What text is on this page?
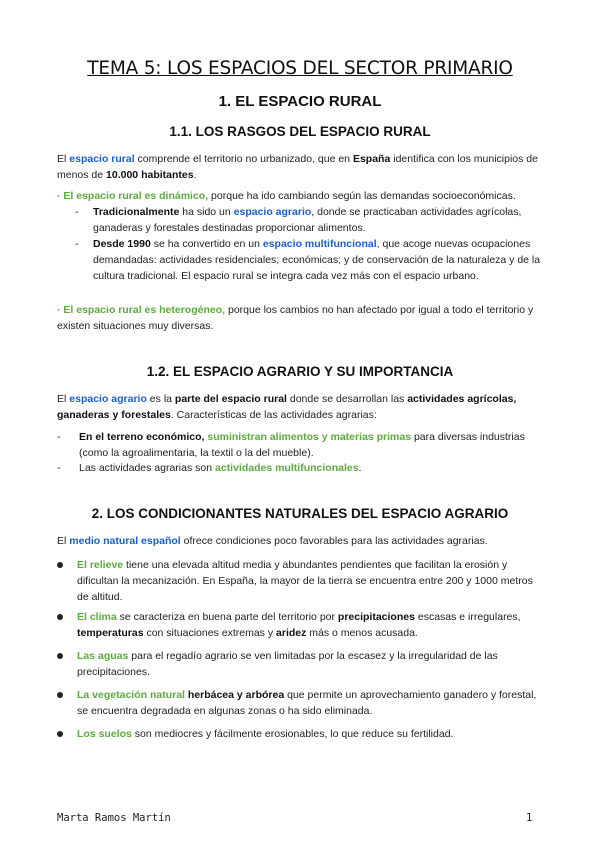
TEMA 5: LOS ESPACIOS DEL SECTOR PRIMARIO
1. EL ESPACIO RURAL
1.1. LOS RASGOS DEL ESPACIO RURAL
El espacio rural comprende el territorio no urbanizado, que en España identifica con los municipios de menos de 10.000 habitantes.
· El espacio rural es dinámico, porque ha ido cambiando según las demandas socioeconómicas.
- Tradicionalmente ha sido un espacio agrario, donde se practicaban actividades agrícolas, ganaderas y forestales destinadas proporcionar alimentos.
- Desde 1990 se ha convertido en un espacio multifuncional, que acoge nuevas ocupaciones demandadas: actividades residenciales; económicas; y de conservación de la naturaleza y de la cultura tradicional. El espacio rural se integra cada vez más con el espacio urbano.
· El espacio rural es heterogéneo, porque los cambios no han afectado por igual a todo el territorio y existen situaciones muy diversas.
1.2. EL ESPACIO AGRARIO Y SU IMPORTANCIA
El espacio agrario es la parte del espacio rural donde se desarrollan las actividades agrícolas, ganaderas y forestales. Características de las actividades agrarias:
- En el terreno económico, suministran alimentos y materias primas para diversas industrias (como la agroalimentaria, la textil o la del mueble).
- Las actividades agrarias son actividades multifuncionales.
2. LOS CONDICIONANTES NATURALES DEL ESPACIO AGRARIO
El medio natural español ofrece condiciones poco favorables para las actividades agrarias.
El relieve tiene una elevada altitud media y abundantes pendientes que facilitan la erosión y dificultan la mecanización. En España, la mayor de la tierra se encuentra entre 200 y 1000 metros de altitud.
El clima se caracteriza en buena parte del territorio por precipitaciones escasas e irregulares, temperaturas con situaciones extremas y aridez más o menos acusada.
Las aguas para el regadío agrario se ven limitadas por la escasez y la irregularidad de las precipitaciones.
La vegetación natural herbácea y arbórea que permite un aprovechamiento ganadero y forestal, se encuentra degradada en algunas zonas o ha sido eliminada.
Los suelos son mediocres y fácilmente erosionables, lo que reduce su fertilidad.
Marta Ramos Martín	1
